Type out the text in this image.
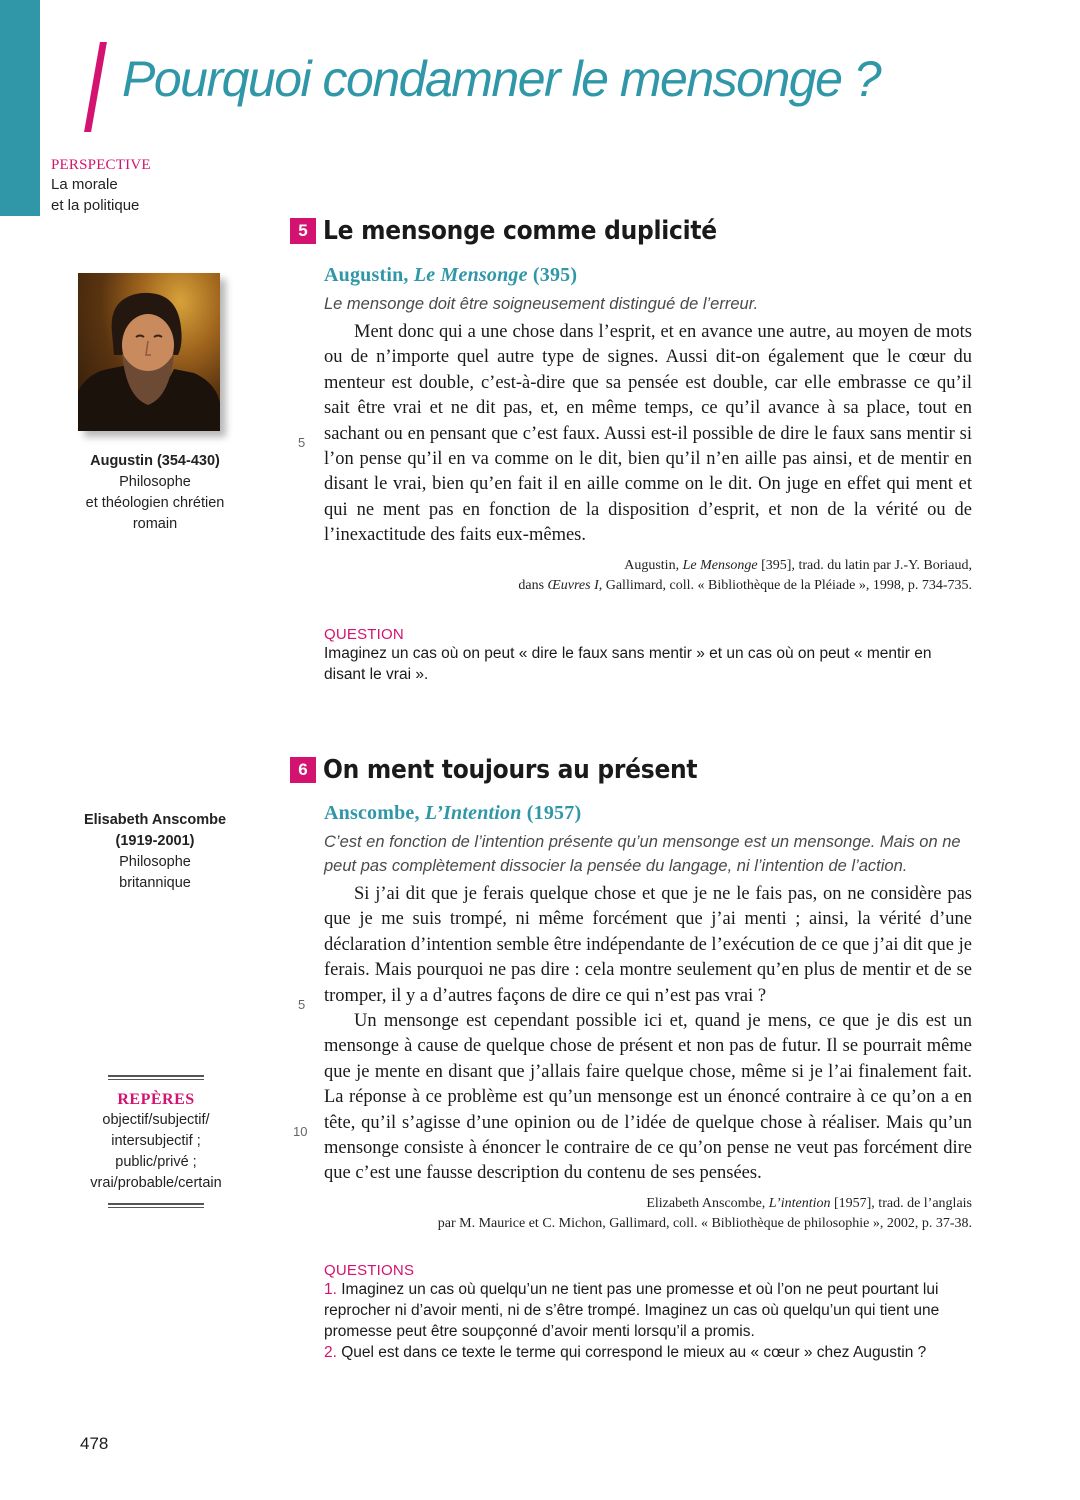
Pourquoi condamner le mensonge ?
PERSPECTIVE
La morale
et la politique
5 Le mensonge comme duplicité
Augustin (354-430)
Philosophe
et théologien chrétien
romain
Augustin, Le Mensonge (395)
Le mensonge doit être soigneusement distingué de l’erreur.

Ment donc qui a une chose dans l’esprit, et en avance une autre, au moyen de mots ou de n’importe quel autre type de signes. Aussi dit-on également que le cœur du menteur est double, c’est-à-dire que sa pensée est double, car elle embrasse ce qu’il sait être vrai et ne dit pas, et, en même temps, ce qu’il avance à sa place, tout en sachant ou en pensant que c’est faux. Aussi est-il possible de dire le faux sans mentir si l’on pense qu’il en va comme on le dit, bien qu’il n’en aille pas ainsi, et de mentir en disant le vrai, bien qu’en fait il en aille comme on le dit. On juge en effet qui ment et qui ne ment pas en fonction de la disposition d’esprit, et non de la vérité ou de l’inexactitude des faits eux-mêmes.

Augustin, Le Mensonge [395], trad. du latin par J.-Y. Boriaud,
dans Œuvres I, Gallimard, coll. « Bibliothèque de la Pléiade », 1998, p. 734-735.
QUESTION
Imaginez un cas où on peut « dire le faux sans mentir » et un cas où on peut « mentir en disant le vrai ».
5
6 On ment toujours au présent
Elisabeth Anscombe
(1919-2001)
Philosophe
britannique
REPÈRES
objectif/subjectif/
intersubjectif ;
public/privé ;
vrai/probable/certain
Anscombe, L’Intention (1957)
C’est en fonction de l’intention présente qu’un mensonge est un mensonge. Mais on ne peut pas complètement dissocier la pensée du langage, ni l’intention de l’action.

Si j’ai dit que je ferais quelque chose et que je ne le fais pas, on ne considère pas que je me suis trompé, ni même forcément que j’ai menti ; ainsi, la vérité d’une déclaration d’intention semble être indépendante de l’exécution de ce que j’ai dit que je ferais. Mais pourquoi ne pas dire : cela montre seulement qu’en plus de mentir et de se tromper, il y a d’autres façons de dire ce qui n’est pas vrai ?

Un mensonge est cependant possible ici et, quand je mens, ce que je dis est un mensonge à cause de quelque chose de présent et non pas de futur. Il se pourrait même que je mente en disant que j’allais faire quelque chose, même si je l’ai finalement fait. La réponse à ce problème est qu’un mensonge est un énoncé contraire à ce qu’on a en tête, qu’il s’agisse d’une opinion ou de l’idée de quelque chose à réaliser. Mais qu’un mensonge consiste à énoncer le contraire de ce qu’on pense ne veut pas forcément dire que c’est une fausse description du contenu de ses pensées.

Elizabeth Anscombe, L’intention [1957], trad. de l’anglais
par M. Maurice et C. Michon, Gallimard, coll. « Bibliothèque de philosophie », 2002, p. 37-38.
QUESTIONS
1. Imaginez un cas où quelqu’un ne tient pas une promesse et où l’on ne peut pourtant lui reprocher ni d’avoir menti, ni de s’être trompé. Imaginez un cas où quelqu’un qui tient une promesse peut être soupçonné d’avoir menti lorsqu’il a promis.
2. Quel est dans ce texte le terme qui correspond le mieux au « cœur » chez Augustin ?
5
10
478
